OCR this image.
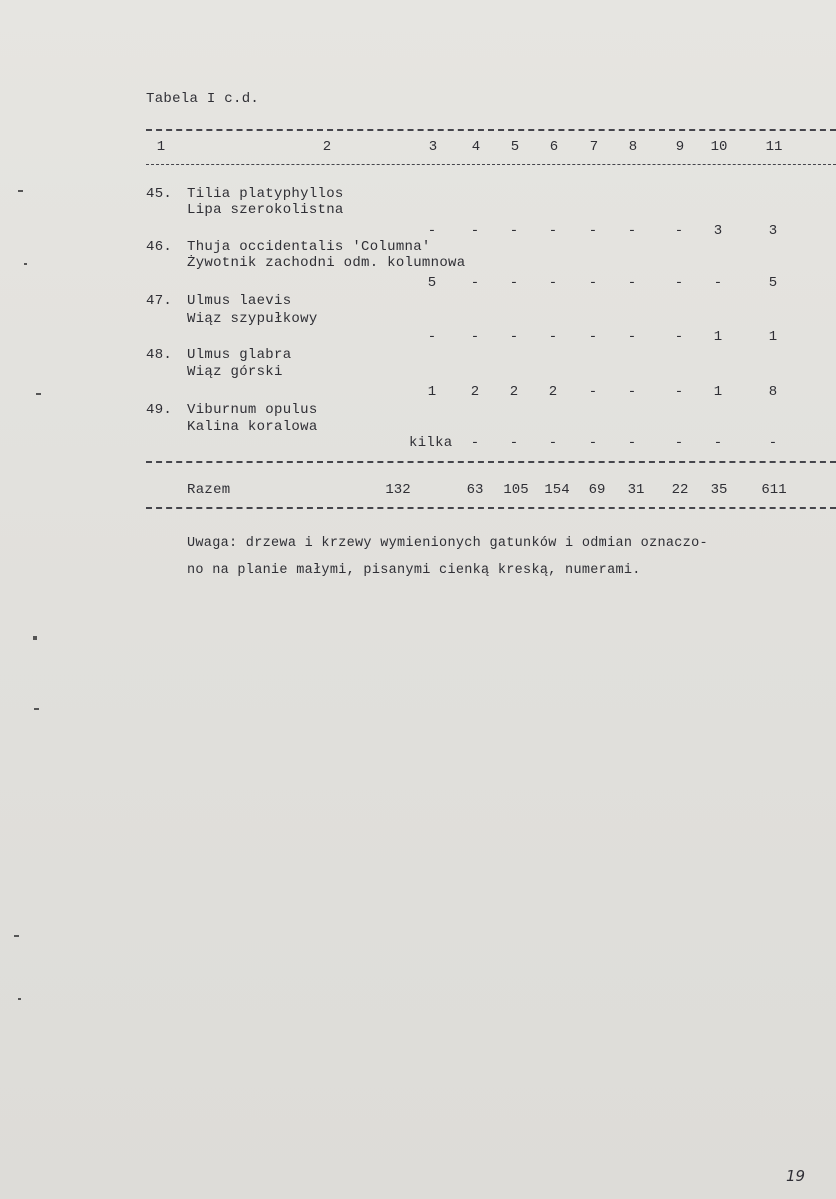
Tabela I c.d.
1	2	3	4	5	6	7	8	9	10	11
45. Tilia platyphyllos
Lipa szerokolistna
-	-	-	-	-	-	-	3	3
46. Thuja occidentalis 'Columna'
Żywotnik zachodni odm. kolumnowa
5	-	-	-	-	-	-	-	5
47. Ulmus laevis
Wiąz szypułkowy
-	-	-	-	-	-	-	1	1
48. Ulmus glabra
Wiąz górski
1	2	2	2	-	-	-	1	8
49. Viburnum opulus
Kalina koralowa
kilka	-	-	-	-	-	-	-	-
Razem	132	63	105	154	69	31	22	35	611
Uwaga: drzewa i krzewy wymienionych gatunków i odmian oznaczo-
no na planie małymi, pisanymi cienką kreską, numerami.
19
